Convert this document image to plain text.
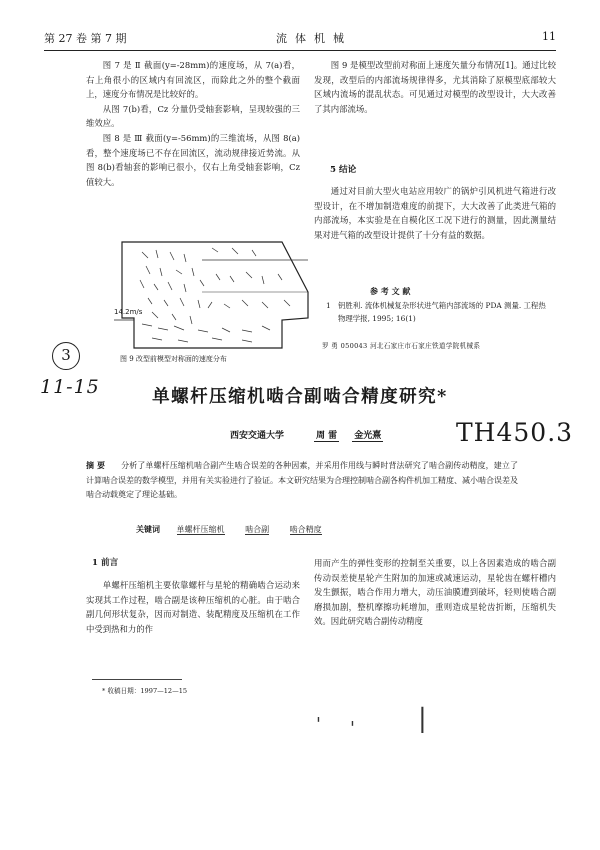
第 27 卷 第 7 期	流体机械	11

图 7 是 Ⅱ 截面(y=-28mm)的速度场，从 7(a)看，右上角很小的区域内有回流区，而除此之外的整个截面上，速度分布情况是比较好的。

从图 7(b)看，Cz 分量仍受轴套影响，呈现较强的三维效应。

图 8 是 Ⅲ 截面(y=-56mm)的三维流场，从图 8(a)看，整个速度场已不存在回流区，流动规律接近势流。从图 8(b)看轴套的影响已很小，仅右上角受轴套影响，Cz 值较大。

14.2m/s
图 9 改型前模型对称面的速度分布

图 9 是模型改型前对称面上速度矢量分布情况[1]。通过比较发现，改型后的内部流场规律得多，尤其消除了原模型底部较大区域内流场的混乱状态。可见通过对模型的改型设计，大大改善了其内部流场。

5 结论

通过对目前大型火电站应用较广的锅炉引风机进气箱进行改型设计，在不增加制造难度的前提下，大大改善了此类进气箱的内部流场，本实验是在自模化区工况下进行的测量，因此测量结果对进气箱的改型设计提供了十分有益的数据。

参 考 文 献
1 钥胜利. 流体机械复杂形状进气箱内部流场的 PDA 测量. 工程热物理学报, 1995; 16(1)
罗 勇 050043 河北石家庄市石家庄铁道学院机械系
3
11-15
TH450.3
单螺杆压缩机啮合副啮合精度研究*
西安交通大学	周 雷 金光熹
摘 要 分析了单螺杆压缩机啮合副产生啮合误差的各种因素，并采用作用线与瞬时背法研究了啮合副传动精度，建立了计算啮合误差的数学模型，并用有关实验进行了验证。本文研究结果为合理控制啮合副各构件机加工精度、减小啮合误差及啮合动载奠定了理论基础。
关键词 单螺杆压缩机	啮合副	啮合精度
1 前言

单螺杆压缩机主要依靠螺杆与星轮的精确啮合运动来实现其工作过程，啮合副是该种压缩机的心脏。由于啮合副几何形状复杂，因而对制造、装配精度及压缩机在工作中受到热和力的作

用而产生的弹性变形的控制至关重要，以上各因素造成的啮合副传动误差使星轮产生附加的加速或减速运动，星轮齿在螺杆槽内发生颤振，啮合作用力增大，动压油膜遭到破坏，轻则使啮合副磨损加剧，整机摩擦功耗增加，重则造成星轮齿折断，压缩机失效。因此研究啮合副传动精度

* 收稿日期：1997—12—15
' ' |
